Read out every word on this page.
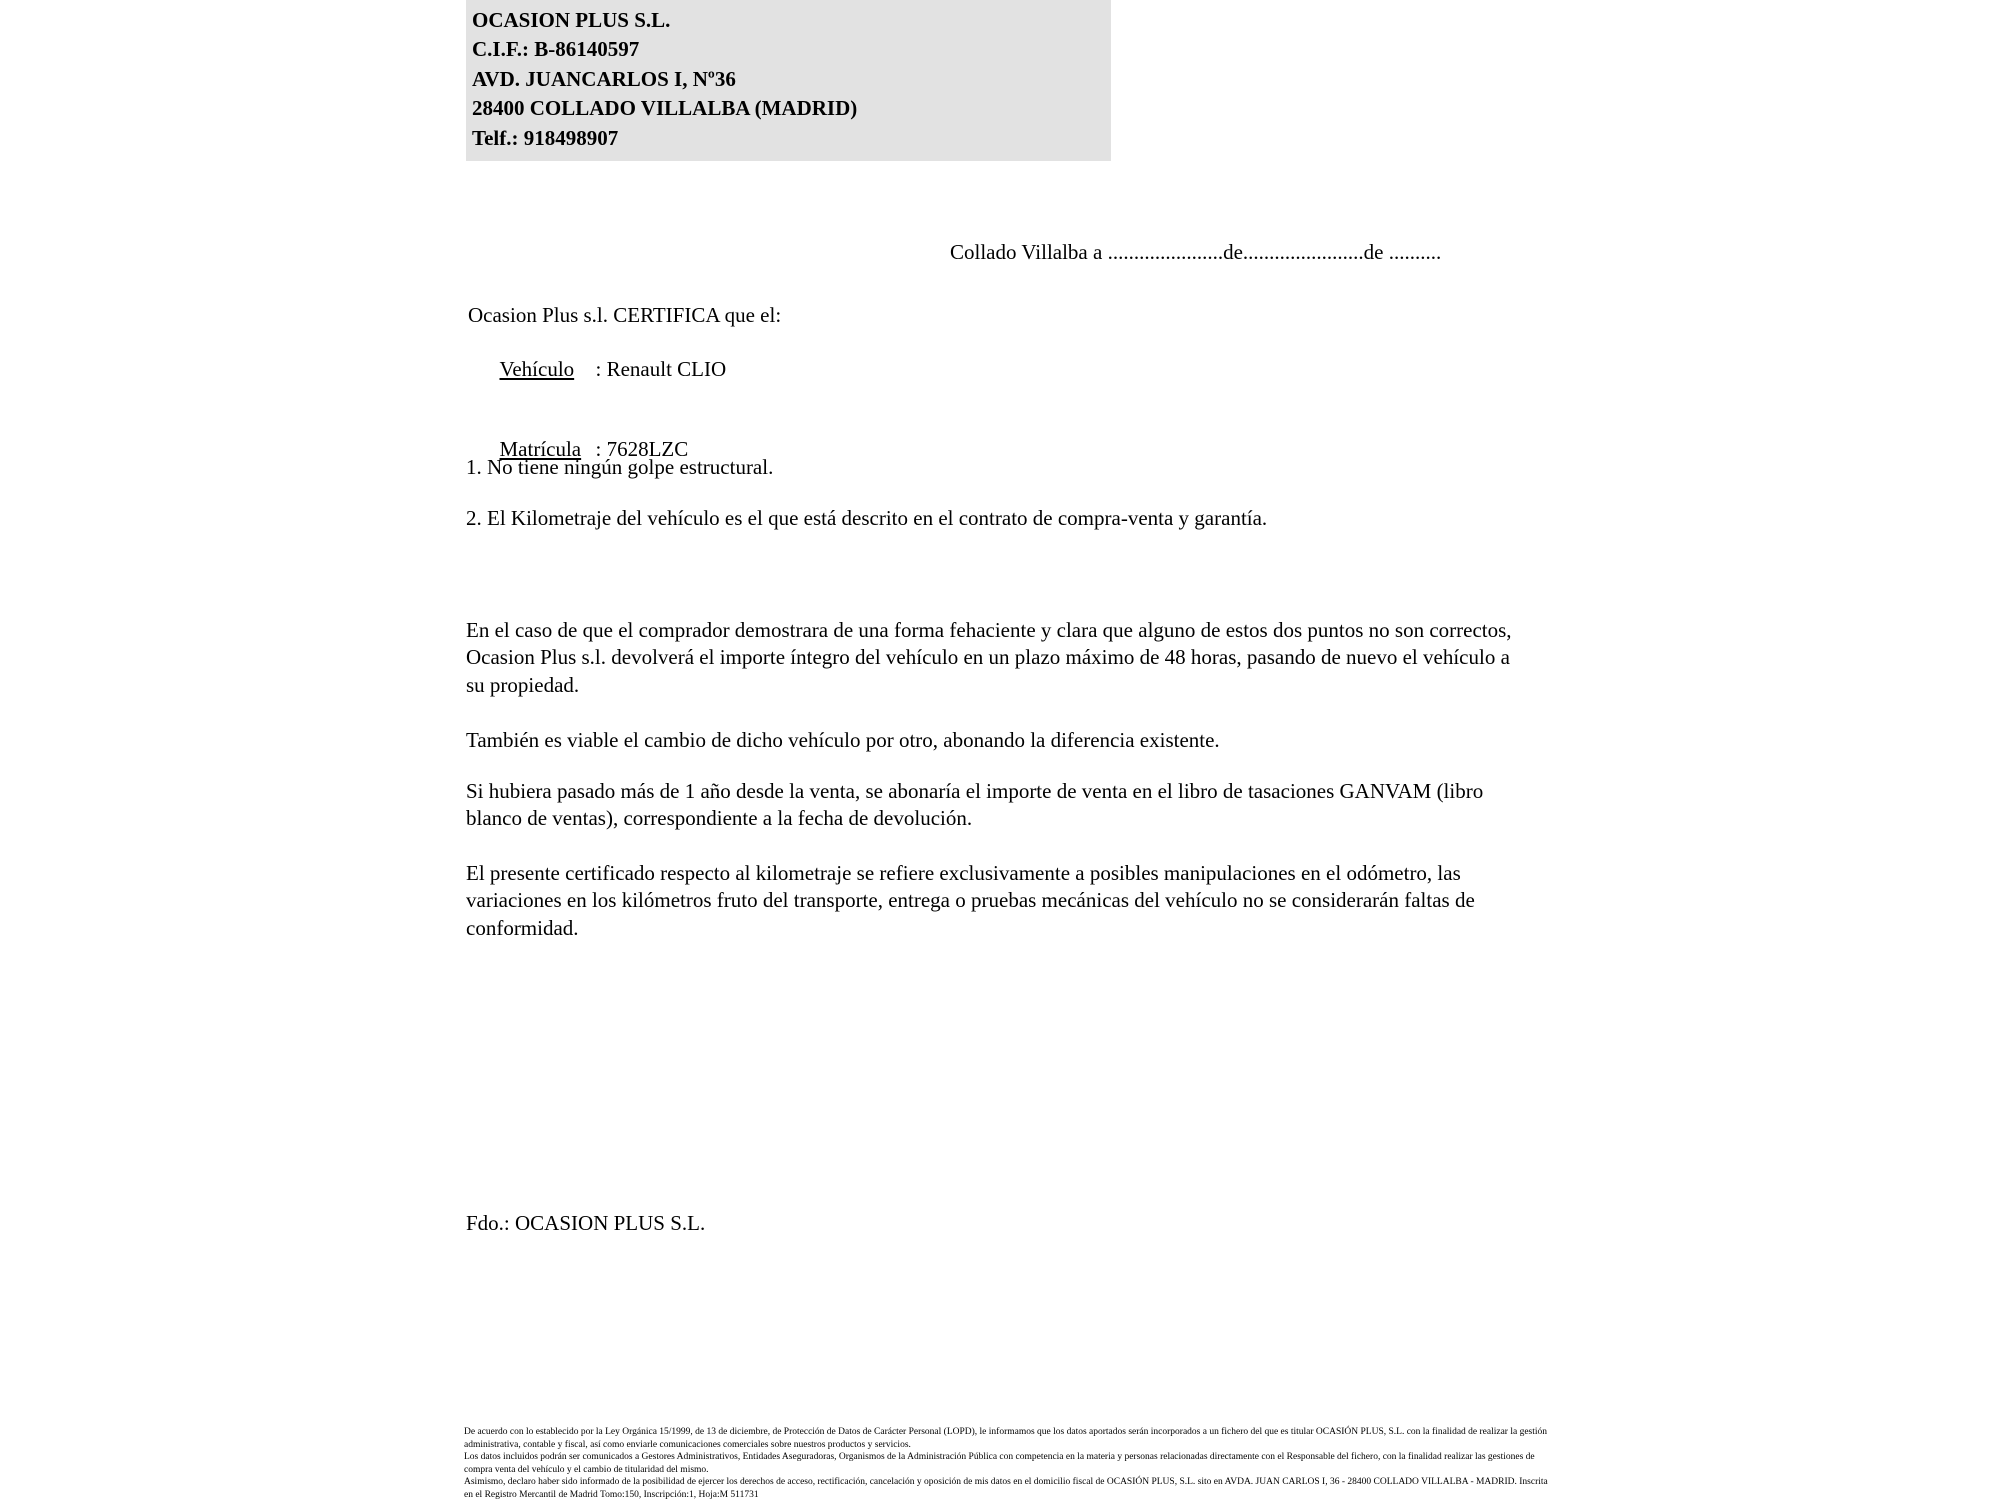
OCASION PLUS S.L.
C.I.F.: B-86140597
AVD. JUANCARLOS I, Nº36
28400 COLLADO VILLALBA (MADRID)
Telf.: 918498907
Collado Villalba a ......................de.......................de ..........
Ocasion Plus s.l. CERTIFICA que el:

Vehículo : Renault CLIO

Matrícula : 7628LZC

1. No tiene ningún golpe estructural.
2. El Kilometraje del vehículo es el que está descrito en el contrato de compra-venta y garantía.
En el caso de que el comprador demostrara de una forma fehaciente y clara que alguno de estos dos puntos no son correctos, Ocasion Plus s.l. devolverá el importe íntegro del vehículo en un plazo máximo de 48 horas, pasando de nuevo el vehículo a su propiedad.
También es viable el cambio de dicho vehículo por otro, abonando la diferencia existente.
Si hubiera pasado más de 1 año desde la venta, se abonaría el importe de venta en el libro de tasaciones GANVAM (libro blanco de ventas), correspondiente a la fecha de devolución.
El presente certificado respecto al kilometraje se refiere exclusivamente a posibles manipulaciones en el odómetro, las variaciones en los kilómetros fruto del transporte, entrega o pruebas mecánicas del vehículo no se considerarán faltas de conformidad.
Fdo.: OCASION PLUS S.L.
De acuerdo con lo establecido por la Ley Orgánica 15/1999, de 13 de diciembre, de Protección de Datos de Carácter Personal (LOPD), le informamos que los datos aportados serán incorporados a un fichero del que es titular OCASIÓN PLUS, S.L. con la finalidad de realizar la gestión administrativa, contable y fiscal, así como enviarle comunicaciones comerciales sobre nuestros productos y servicios.
Los datos incluidos podrán ser comunicados a Gestores Administrativos, Entidades Aseguradoras, Organismos de la Administración Pública con competencia en la materia y personas relacionadas directamente con el Responsable del fichero, con la finalidad realizar las gestiones de compra venta del vehículo y el cambio de titularidad del mismo.
Asimismo, declaro haber sido informado de la posibilidad de ejercer los derechos de acceso, rectificación, cancelación y oposición de mis datos en el domicilio fiscal de OCASIÓN PLUS, S.L. sito en AVDA. JUAN CARLOS I, 36 - 28400 COLLADO VILLALBA - MADRID. Inscrita en el Registro Mercantil de Madrid Tomo:150, Inscripción:1, Hoja:M 511731
